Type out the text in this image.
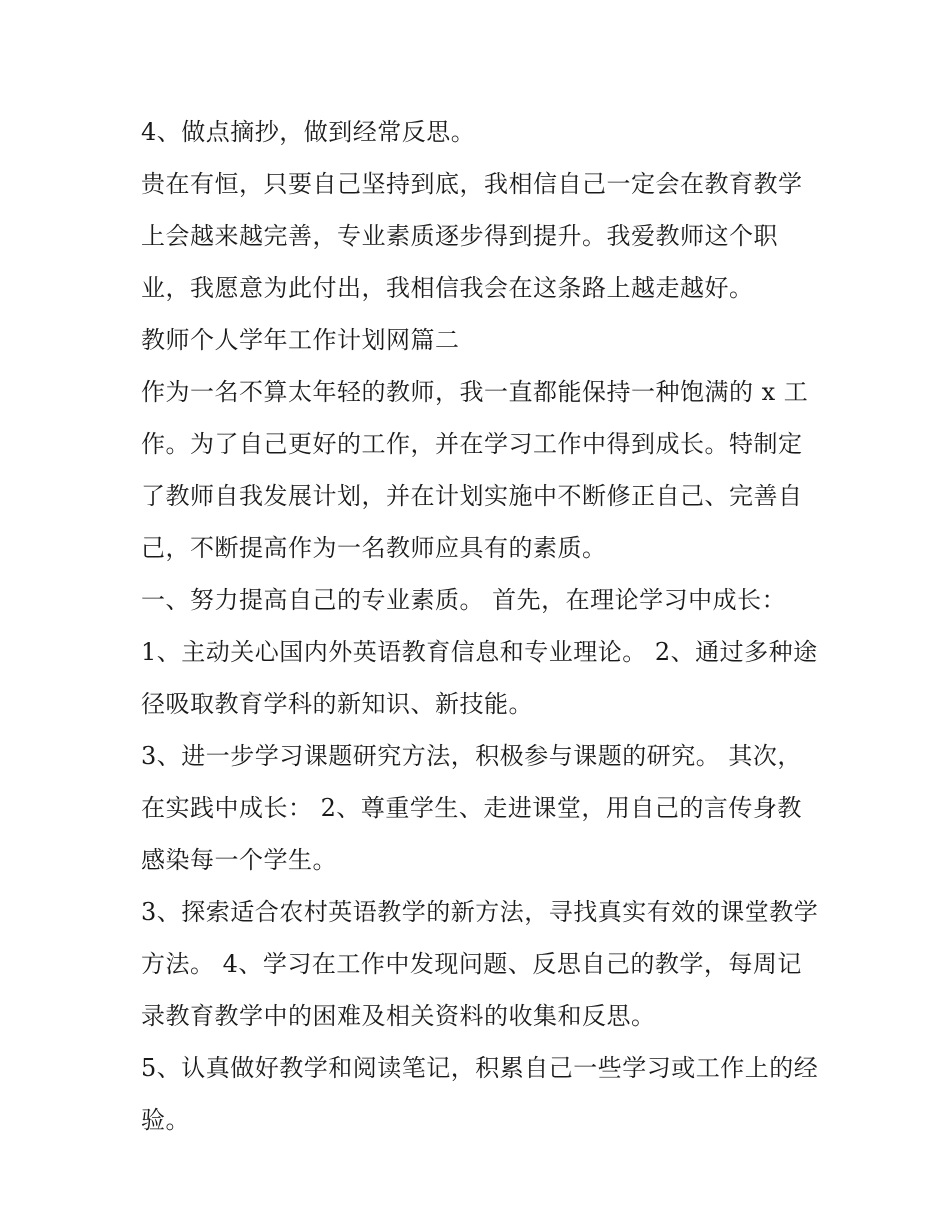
4、做点摘抄，做到经常反思。

贵在有恒，只要自己坚持到底，我相信自己一定会在教育教学上会越来越完善，专业素质逐步得到提升。我爱教师这个职业，我愿意为此付出，我相信我会在这条路上越走越好。

教师个人学年工作计划网篇二

作为一名不算太年轻的教师，我一直都能保持一种饱满的 x 工作。为了自己更好的工作，并在学习工作中得到成长。特制定了教师自我发展计划，并在计划实施中不断修正自己、完善自己，不断提高作为一名教师应具有的素质。

一、努力提高自己的专业素质。 首先，在理论学习中成长：

1、主动关心国内外英语教育信息和专业理论。 2、通过多种途径吸取教育学科的新知识、新技能。

3、进一步学习课题研究方法，积极参与课题的研究。 其次，在实践中成长： 2、尊重学生、走进课堂，用自己的言传身教感染每一个学生。

3、探索适合农村英语教学的新方法，寻找真实有效的课堂教学方法。 4、学习在工作中发现问题、反思自己的教学，每周记录教育教学中的困难及相关资料的收集和反思。

5、认真做好教学和阅读笔记，积累自己一些学习或工作上的经验。
